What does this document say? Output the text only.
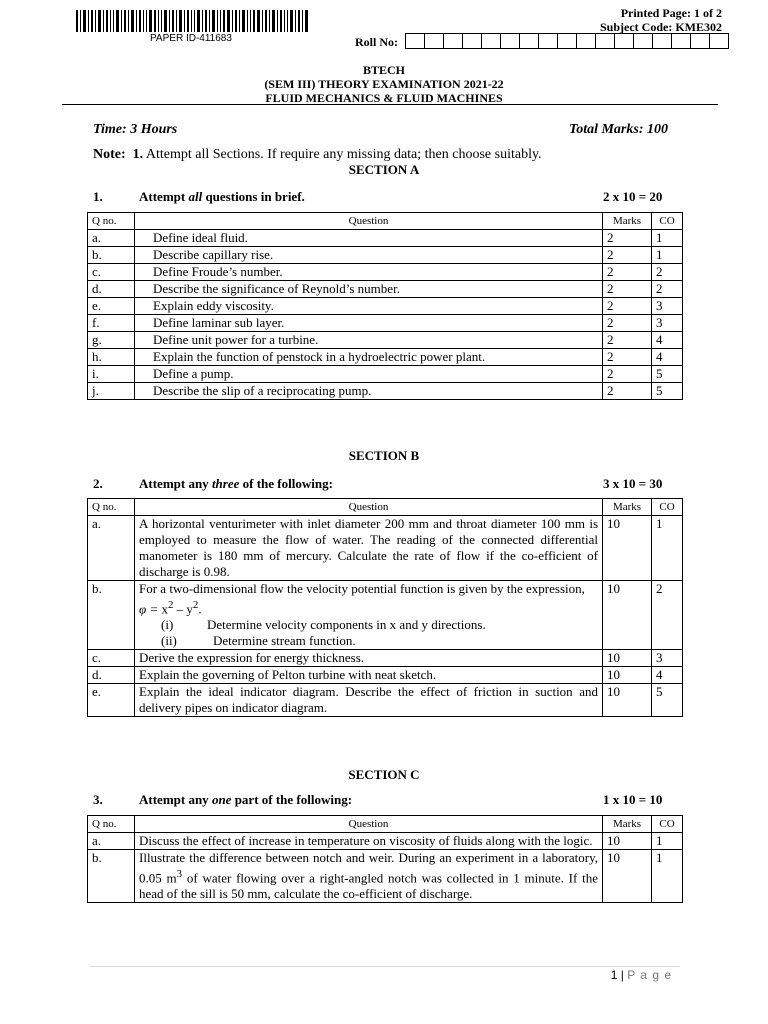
PAPER ID-411683
Printed Page: 1 of 2
Subject Code: KME302
Roll No:
BTECH
(SEM III) THEORY EXAMINATION 2021-22
FLUID MECHANICS & FLUID MACHINES
Time: 3 Hours	Total Marks: 100
Note: 1. Attempt all Sections. If require any missing data; then choose suitably.
SECTION A
1.	Attempt all questions in brief.	2 x 10 = 20
Q no.	Question	Marks	CO
a.	Define ideal fluid.	2	1
b.	Describe capillary rise.	2	1
c.	Define Froude’s number.	2	2
d.	Describe the significance of Reynold’s number.	2	2
e.	Explain eddy viscosity.	2	3
f.	Define laminar sub layer.	2	3
g.	Define unit power for a turbine.	2	4
h.	Explain the function of penstock in a hydroelectric power plant.	2	4
i.	Define a pump.	2	5
j.	Describe the slip of a reciprocating pump.	2	5
SECTION B
2.	Attempt any three of the following:	3 x 10 = 30
Q no.	Question	Marks	CO
a.	A horizontal venturimeter with inlet diameter 200 mm and throat diameter 100 mm is employed to measure the flow of water. The reading of the connected differential manometer is 180 mm of mercury. Calculate the rate of flow if the co-efficient of discharge is 0.98.	10	1
b.	For a two-dimensional flow the velocity potential function is given by the expression,
$\varphi = x^2 - y^2$.
(i) Determine velocity components in x and y directions.
(ii) Determine stream function.	10	2
c.	Derive the expression for energy thickness.	10	3
d.	Explain the governing of Pelton turbine with neat sketch.	10	4
e.	Explain the ideal indicator diagram. Describe the effect of friction in suction and delivery pipes on indicator diagram.	10	5
SECTION C
3.	Attempt any one part of the following:	1 x 10 = 10
Q no.	Question	Marks	CO
a.	Discuss the effect of increase in temperature on viscosity of fluids along with the logic.	10	1
b.	Illustrate the difference between notch and weir. During an experiment in a laboratory, 0.05 $m^3$ of water flowing over a right-angled notch was collected in 1 minute. If the head of the sill is 50 mm, calculate the co-efficient of discharge.	10	1
1 | P a g e
